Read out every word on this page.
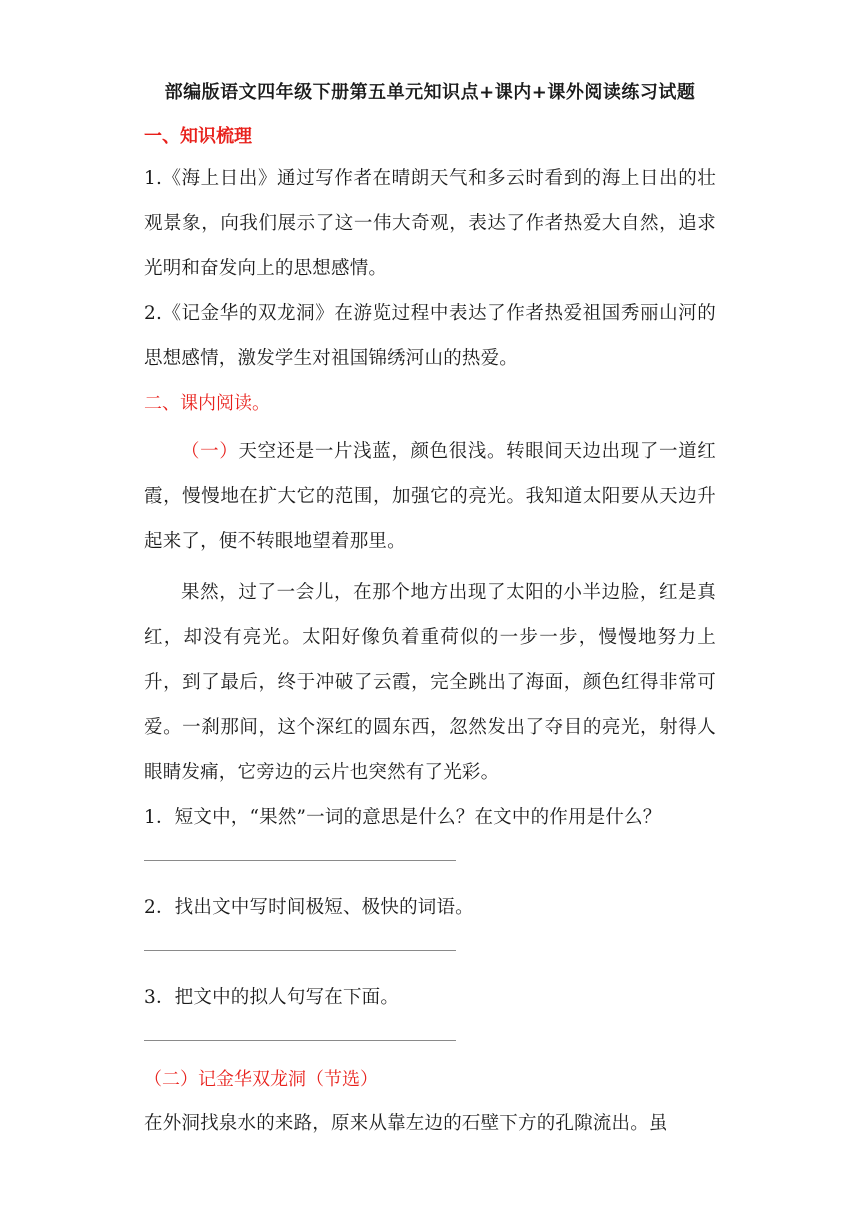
部编版语文四年级下册第五单元知识点+课内+课外阅读练习试题
一、知识梳理

1.《海上日出》通过写作者在晴朗天气和多云时看到的海上日出的壮观景象，向我们展示了这一伟大奇观，表达了作者热爱大自然，追求光明和奋发向上的思想感情。

2.《记金华的双龙洞》在游览过程中表达了作者热爱祖国秀丽山河的思想感情，激发学生对祖国锦绣河山的热爱。

二、课内阅读。

（一）天空还是一片浅蓝，颜色很浅。转眼间天边出现了一道红霞，慢慢地在扩大它的范围，加强它的亮光。我知道太阳要从天边升起来了，便不转眼地望着那里。

果然，过了一会儿，在那个地方出现了太阳的小半边脸，红是真红，却没有亮光。太阳好像负着重荷似的一步一步，慢慢地努力上升，到了最后，终于冲破了云霞，完全跳出了海面，颜色红得非常可爱。一刹那间，这个深红的圆东西，忽然发出了夺目的亮光，射得人眼睛发痛，它旁边的云片也突然有了光彩。

1．短文中，“果然”一词的意思是什么？在文中的作用是什么？

2．找出文中写时间极短、极快的词语。

3．把文中的拟人句写在下面。

（二）记金华双龙洞（节选）

在外洞找泉水的来路，原来从靠左边的石壁下方的孔隙流出。虽
